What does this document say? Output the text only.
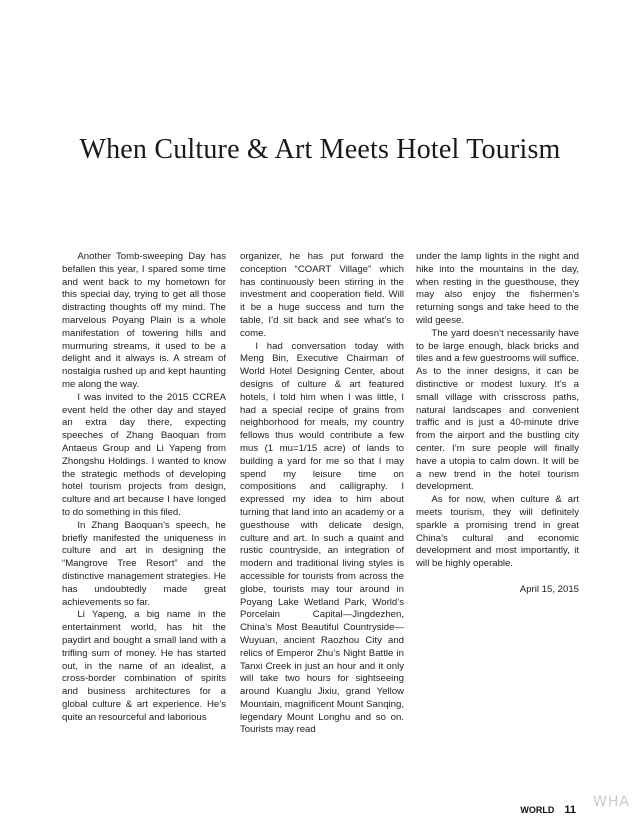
When Culture & Art Meets Hotel Tourism

Another Tomb-sweeping Day has befallen this year, I spared some time and went back to my hometown for this special day, trying to get all those distracting thoughts off my mind. The marvelous Poyang Plain is a whole manifestation of towering hills and murmuring streams, it used to be a delight and it always is. A stream of nostalgia rushed up and kept haunting me along the way.

I was invited to the 2015 CCREA event held the other day and stayed an extra day there, expecting speeches of Zhang Baoquan from Antaeus Group and Li Yapeng from Zhongshu Holdings. I wanted to know the strategic methods of developing hotel tourism projects from design, culture and art because I have longed to do something in this filed.

In Zhang Baoquan’s speech, he briefly manifested the uniqueness in culture and art in designing the “Mangrove Tree Resort” and the distinctive management strategies. He has undoubtedly made great achievements so far.

Li Yapeng, a big name in the entertainment world, has hit the paydirt and bought a small land with a trifling sum of money. He has started out, in the name of an idealist, a cross-border combination of spirits and business architectures for a global culture & art experience. He’s quite an resourceful and laborious

organizer, he has put forward the conception “COART Village” which has continuously been stirring in the investment and cooperation field. Will it be a huge success and turn the table, I’d sit back and see what’s to come.

I had conversation today with Meng Bin, Executive Chairman of World Hotel Designing Center, about designs of culture & art featured hotels, I told him when I was little, I had a special recipe of grains from neighborhood for meals, my country fellows thus would contribute a few mus (1 mu=1/15 acre) of lands to building a yard for me so that I may spend my leisure time on compositions and calligraphy. I expressed my idea to him about turning that land into an academy or a guesthouse with delicate design, culture and art. In such a quaint and rustic countryside, an integration of modern and traditional living styles is accessible for tourists from across the globe, tourists may tour around in Poyang Lake Wetland Park, World’s Porcelain Capital—Jingdezhen, China’s Most Beautiful Countryside—Wuyuan, ancient Raozhou City and relics of Emperor Zhu’s Night Battle in Tanxi Creek in just an hour and it only will take two hours for sightseeing around Kuanglu Jixiu, grand Yellow Mountain, magnificent Mount Sanqing, legendary Mount Longhu and so on. Tourists may read

under the lamp lights in the night and hike into the mountains in the day, when resting in the guesthouse, they may also enjoy the fishermen’s returning songs and take heed to the wild geese.

The yard doesn’t necessarily have to be large enough, black bricks and tiles and a few guestrooms will suffice. As to the inner designs, it can be distinctive or modest luxury. It’s a small village with crisscross paths, natural landscapes and convenient traffic and is just a 40-minute drive from the airport and the bustling city center. I’m sure people will finally have a utopia to calm down. It will be a new trend in the hotel tourism development.

As for now, when culture & art meets tourism, they will definitely sparkle a promising trend in great China’s cultural and economic development and most importantly, it will be highly operable.

April 15, 2015

WORLD 11 WHA
